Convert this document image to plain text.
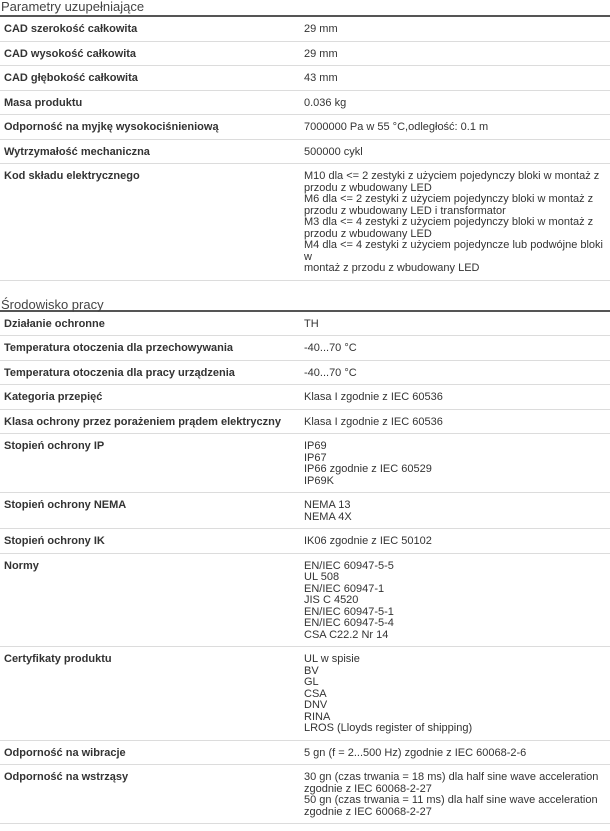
Parametry uzupełniające
CAD szerokość całkowita	29 mm
CAD wysokość całkowita	29 mm
CAD głębokość całkowita	43 mm
Masa produktu	0.036 kg
Odporność na myjkę wysokociśnieniową	7000000 Pa w 55 °C,odległość: 0.1 m
Wytrzymałość mechaniczna	500000 cykl
Kod składu elektrycznego	M10 dla <= 2 zestyki z użyciem pojedynczy bloki w montaż z
przodu z wbudowany LED
M6 dla <= 2 zestyki z użyciem pojedynczy bloki w montaż z
przodu z wbudowany LED i transformator
M3 dla <= 4 zestyki z użyciem pojedynczy bloki w montaż z
przodu z wbudowany LED
M4 dla <= 4 zestyki z użyciem pojedyncze lub podwójne bloki w
montaż z przodu z wbudowany LED
Środowisko pracy
Działanie ochronne	TH
Temperatura otoczenia dla przechowywania	-40...70 °C
Temperatura otoczenia dla pracy urządzenia	-40...70 °C
Kategoria przepięć	Klasa I zgodnie z IEC 60536
Klasa ochrony przez porażeniem prądem elektryczny	Klasa I zgodnie z IEC 60536
Stopień ochrony IP	IP69
IP67
IP66 zgodnie z IEC 60529
IP69K
Stopień ochrony NEMA	NEMA 13
NEMA 4X
Stopień ochrony IK	IK06 zgodnie z IEC 50102
Normy	EN/IEC 60947-5-5
UL 508
EN/IEC 60947-1
JIS C 4520
EN/IEC 60947-5-1
EN/IEC 60947-5-4
CSA C22.2 Nr 14
Certyfikaty produktu	UL w spisie
BV
GL
CSA
DNV
RINA
LROS (Lloyds register of shipping)
Odporność na wibracje	5 gn (f = 2...500 Hz) zgodnie z IEC 60068-2-6
Odporność na wstrząsy	30 gn (czas trwania = 18 ms) dla half sine wave acceleration
zgodnie z IEC 60068-2-27
50 gn (czas trwania = 11 ms) dla half sine wave acceleration
zgodnie z IEC 60068-2-27
